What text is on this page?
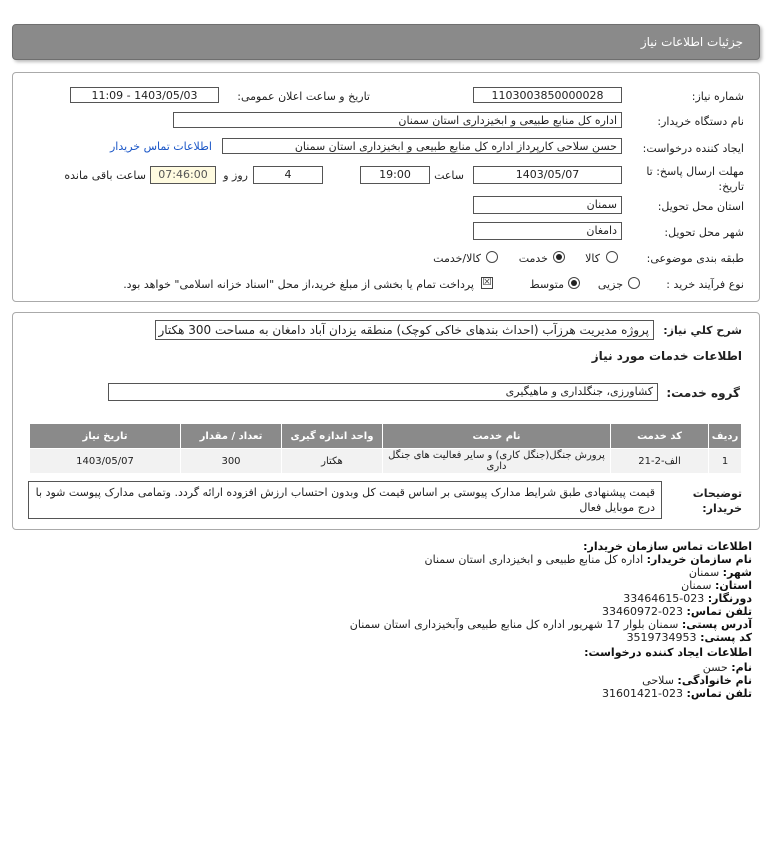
جزئیات اطلاعات نیاز
شماره نیاز:
1103003850000028
تاریخ و ساعت اعلان عمومی:
1403/05/03 - 11:09
نام دستگاه خریدار:
اداره کل منابع طبیعی و ابخیزداری استان سمنان
ایجاد کننده درخواست:
حسن سلاحی کارپرداز اداره کل منابع طبیعی و ابخیزداری استان سمنان
اطلاعات تماس خریدار
مهلت ارسال پاسخ: تا تاریخ:
1403/05/07
ساعت
19:00
4
روز و
07:46:00
ساعت باقی مانده
استان محل تحویل:
سمنان
شهر محل تحویل:
دامغان
طبقه بندی موضوعی:
کالا
خدمت
کالا/خدمت
نوع فرآیند خرید :
جزیی
متوسط
☒
پرداخت تمام یا بخشی از مبلغ خرید،از محل "اسناد خزانه اسلامی" خواهد بود.
شرح کلي نياز:
پروژه مدیریت هرزآب (احداث بندهای خاکی کوچک) منطقه یزدان آباد دامغان به مساحت 300 هکتار
اطلاعات خدمات مورد نیاز
گروه خدمت:
کشاورزی، جنگلداری و ماهیگیری
ردیف	کد خدمت	نام خدمت	واحد اندازه گیری	تعداد / مقدار	تاریخ نیاز
1	الف-2-21	پرورش جنگل(جنگل کاری) و سایر فعالیت های جنگل داری	هکتار	300	1403/05/07
توضیحات خریدار:
قیمت پیشنهادی طبق شرایط مدارک پیوستی بر اساس قیمت کل وبدون احتساب ارزش افزوده ارائه گردد. وتمامی مدارک پیوست شود با درج موبایل فعال
اطلاعات تماس سازمان خریدار:
نام سازمان خریدار: اداره کل منابع طبیعی و ابخیزداری استان سمنان
شهر: سمنان
استان: سمنان
دورنگار: 023-33464615
تلفن تماس: 023-33460972
آدرس پستی: سمنان بلوار 17 شهریور اداره کل منابع طبیعی وآبخیزداری استان سمنان
کد پستی: 3519734953
اطلاعات ایجاد کننده درخواست:
نام: حسن
نام خانوادگی: سلاحی
تلفن تماس: 023-31601421
